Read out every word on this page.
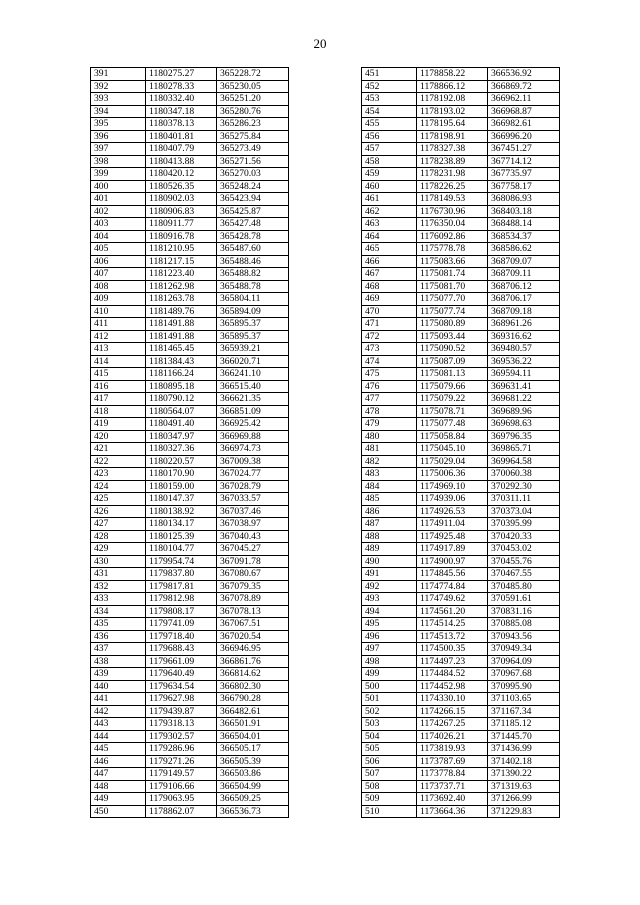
20
391	1180275.27	365228.72
392	1180278.33	365230.05
393	1180332.40	365251.20
394	1180347.18	365280.76
395	1180378.13	365286.23
396	1180401.81	365275.84
397	1180407.79	365273.49
398	1180413.88	365271.56
399	1180420.12	365270.03
400	1180526.35	365248.24
401	1180902.03	365423.94
402	1180906.83	365425.87
403	1180911.77	365427.48
404	1180916.78	365428.78
405	1181210.95	365487.60
406	1181217.15	365488.46
407	1181223.40	365488.82
408	1181262.98	365488.78
409	1181263.78	365804.11
410	1181489.76	365894.09
411	1181491.88	365895.37
412	1181491.88	365895.37
413	1181465.45	365939.21
414	1181384.43	366020.71
415	1181166.24	366241.10
416	1180895.18	366515.40
417	1180790.12	366621.35
418	1180564.07	366851.09
419	1180491.40	366925.42
420	1180347.97	366969.88
421	1180327.36	366974.73
422	1180220.57	367009.38
423	1180170.90	367024.77
424	1180159.00	367028.79
425	1180147.37	367033.57
426	1180138.92	367037.46
427	1180134.17	367038.97
428	1180125.39	367040.43
429	1180104.77	367045.27
430	1179954.74	367091.78
431	1179837.80	367080.67
432	1179817.81	367079.35
433	1179812.98	367078.89
434	1179808.17	367078.13
435	1179741.09	367067.51
436	1179718.40	367020.54
437	1179688.43	366946.95
438	1179661.09	366861.76
439	1179640.49	366814.62
440	1179634.54	366802.30
441	1179627.98	366790.28
442	1179439.87	366482.61
443	1179318.13	366501.91
444	1179302.57	366504.01
445	1179286.96	366505.17
446	1179271.26	366505.39
447	1179149.57	366503.86
448	1179106.66	366504.99
449	1179063.95	366509.25
450	1178862.07	366536.73
451	1178858.22	366536.92
452	1178866.12	366869.72
453	1178192.08	366962.11
454	1178193.02	366968.87
455	1178195.64	366982.61
456	1178198.91	366996.20
457	1178327.38	367451.27
458	1178238.89	367714.12
459	1178231.98	367735.97
460	1178226.25	367758.17
461	1178149.53	368086.93
462	1176730.96	368403.18
463	1176350.04	368488.14
464	1176092.86	368534.37
465	1175778.78	368586.62
466	1175083.66	368709.07
467	1175081.74	368709.11
468	1175081.70	368706.12
469	1175077.70	368706.17
470	1175077.74	368709.18
471	1175080.89	368961.26
472	1175093.44	369316.62
473	1175090.52	369480.57
474	1175087.09	369536.22
475	1175081.13	369594.11
476	1175079.66	369631.41
477	1175079.22	369681.22
478	1175078.71	369689.96
479	1175077.48	369698.63
480	1175058.84	369796.35
481	1175045.10	369865.71
482	1175029.04	369964.58
483	1175006.36	370060.38
484	1174969.10	370292.30
485	1174939.06	370311.11
486	1174926.53	370373.04
487	1174911.04	370395.99
488	1174925.48	370420.33
489	1174917.89	370453.02
490	1174900.97	370455.76
491	1174845.56	370467.55
492	1174774.84	370485.80
493	1174749.62	370591.61
494	1174561.20	370831.16
495	1174514.25	370885.08
496	1174513.72	370943.56
497	1174500.35	370949.34
498	1174497.23	370964.09
499	1174484.52	370967.68
500	1174452.98	370995.90
501	1174330.10	371103.65
502	1174266.15	371167.34
503	1174267.25	371185.12
504	1174026.21	371445.70
505	1173819.93	371436.99
506	1173787.69	371402.18
507	1173778.84	371390.22
508	1173737.71	371319.63
509	1173692.40	371266.99
510	1173664.36	371229.83
